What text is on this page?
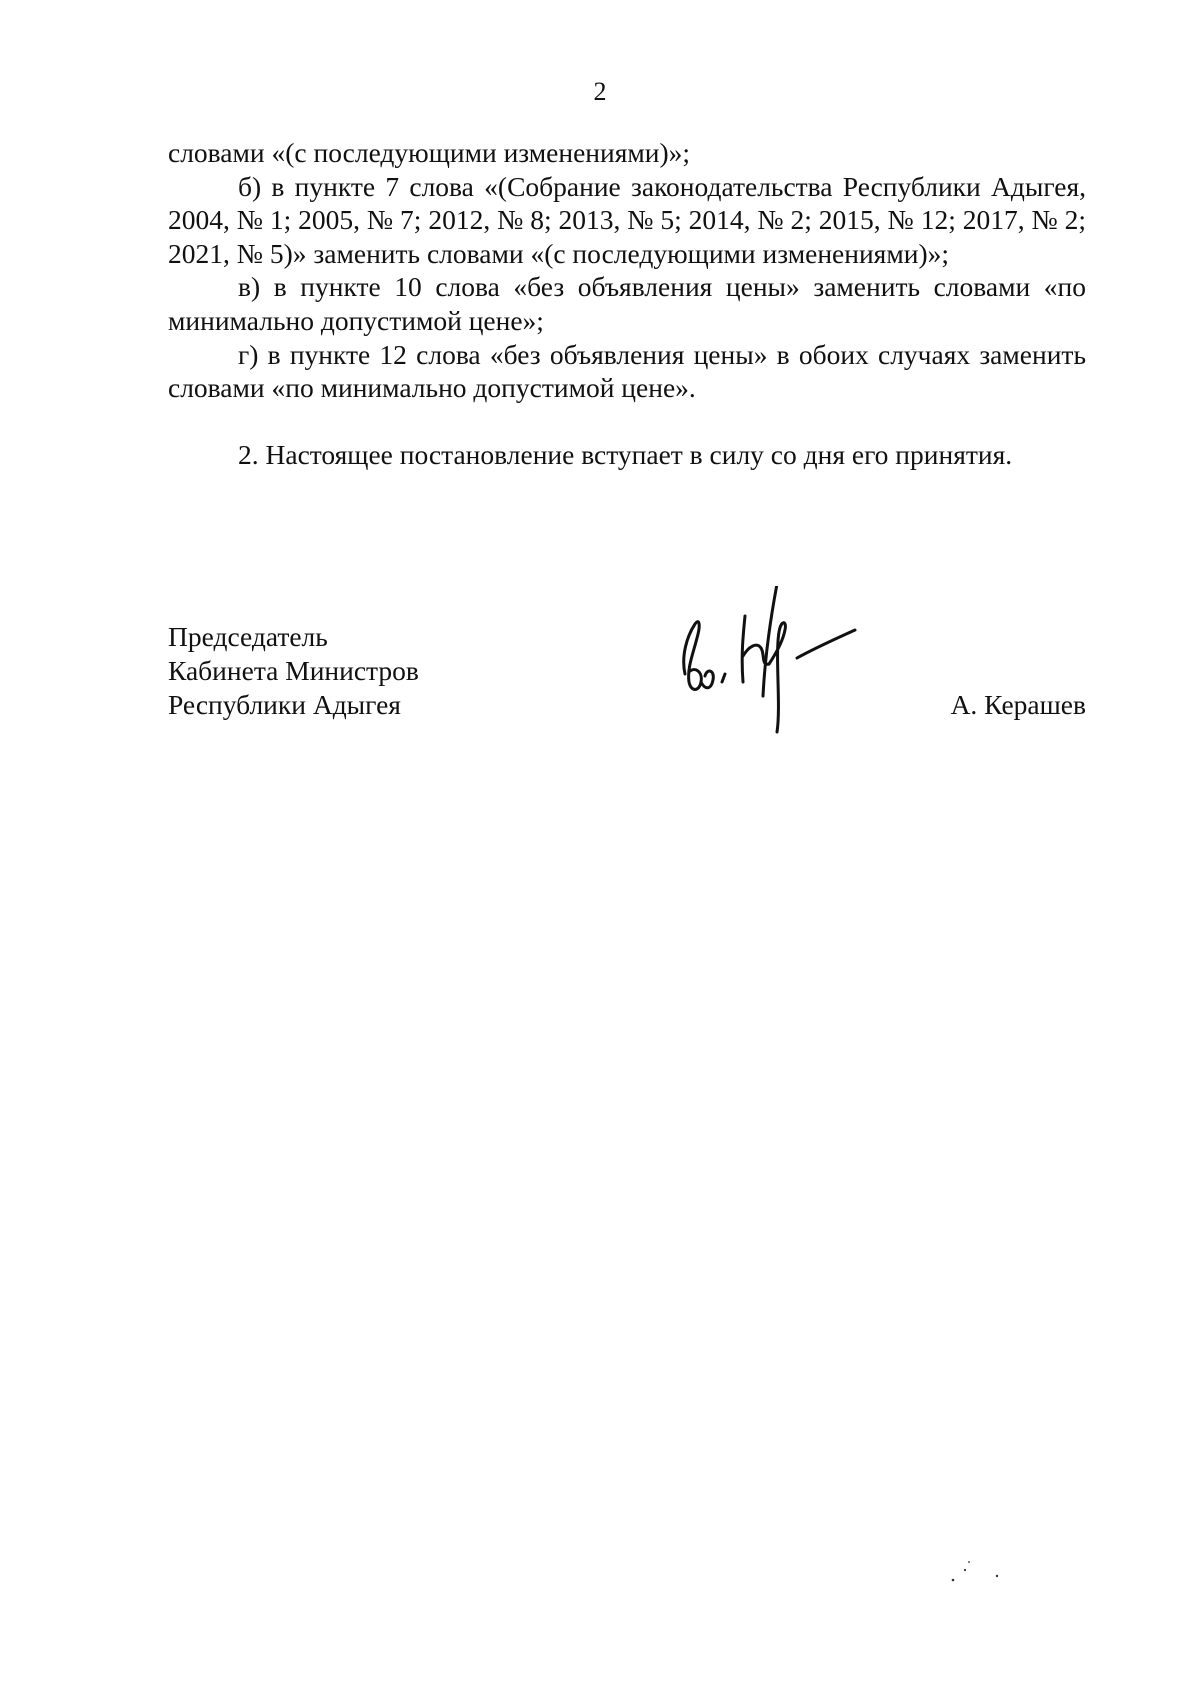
2

словами «(с последующими изменениями)»;

б) в пункте 7 слова «(Собрание законодательства Республики Адыгея, 2004, № 1; 2005, № 7; 2012, № 8; 2013, № 5; 2014, № 2; 2015, № 12; 2017, № 2; 2021, № 5)» заменить словами «(с последующими изменениями)»;

в) в пункте 10 слова «без объявления цены» заменить словами «по минимально допустимой цене»;

г) в пункте 12 слова «без объявления цены» в обоих случаях заменить словами «по минимально допустимой цене».

2. Настоящее постановление вступает в силу со дня его принятия.

Председатель
Кабинета Министров
Республики Адыгея	А. Керашев
